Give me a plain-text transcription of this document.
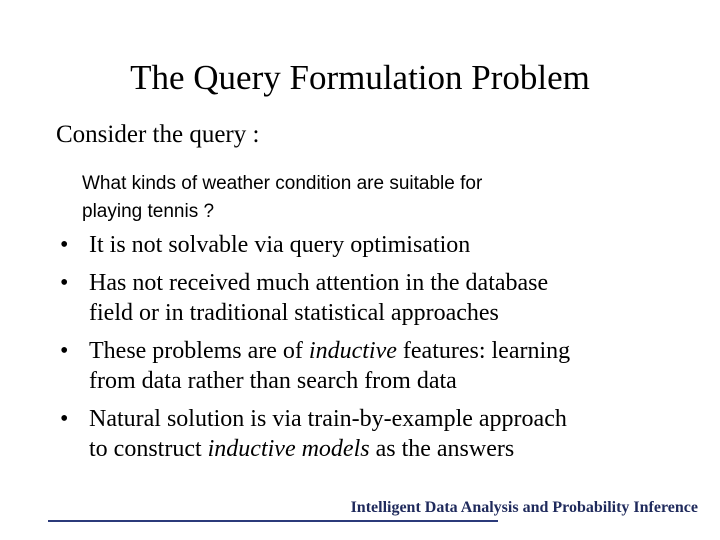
The Query Formulation Problem
Consider the query :
What kinds of weather condition are suitable for
playing tennis ?
• It is not solvable via query optimisation
• Has not received much attention in the database
field or in traditional statistical approaches
• These problems are of inductive features: learning
from data rather than search from data
• Natural solution is via train-by-example approach
to construct inductive models as the answers
Intelligent Data Analysis and Probability Inference
